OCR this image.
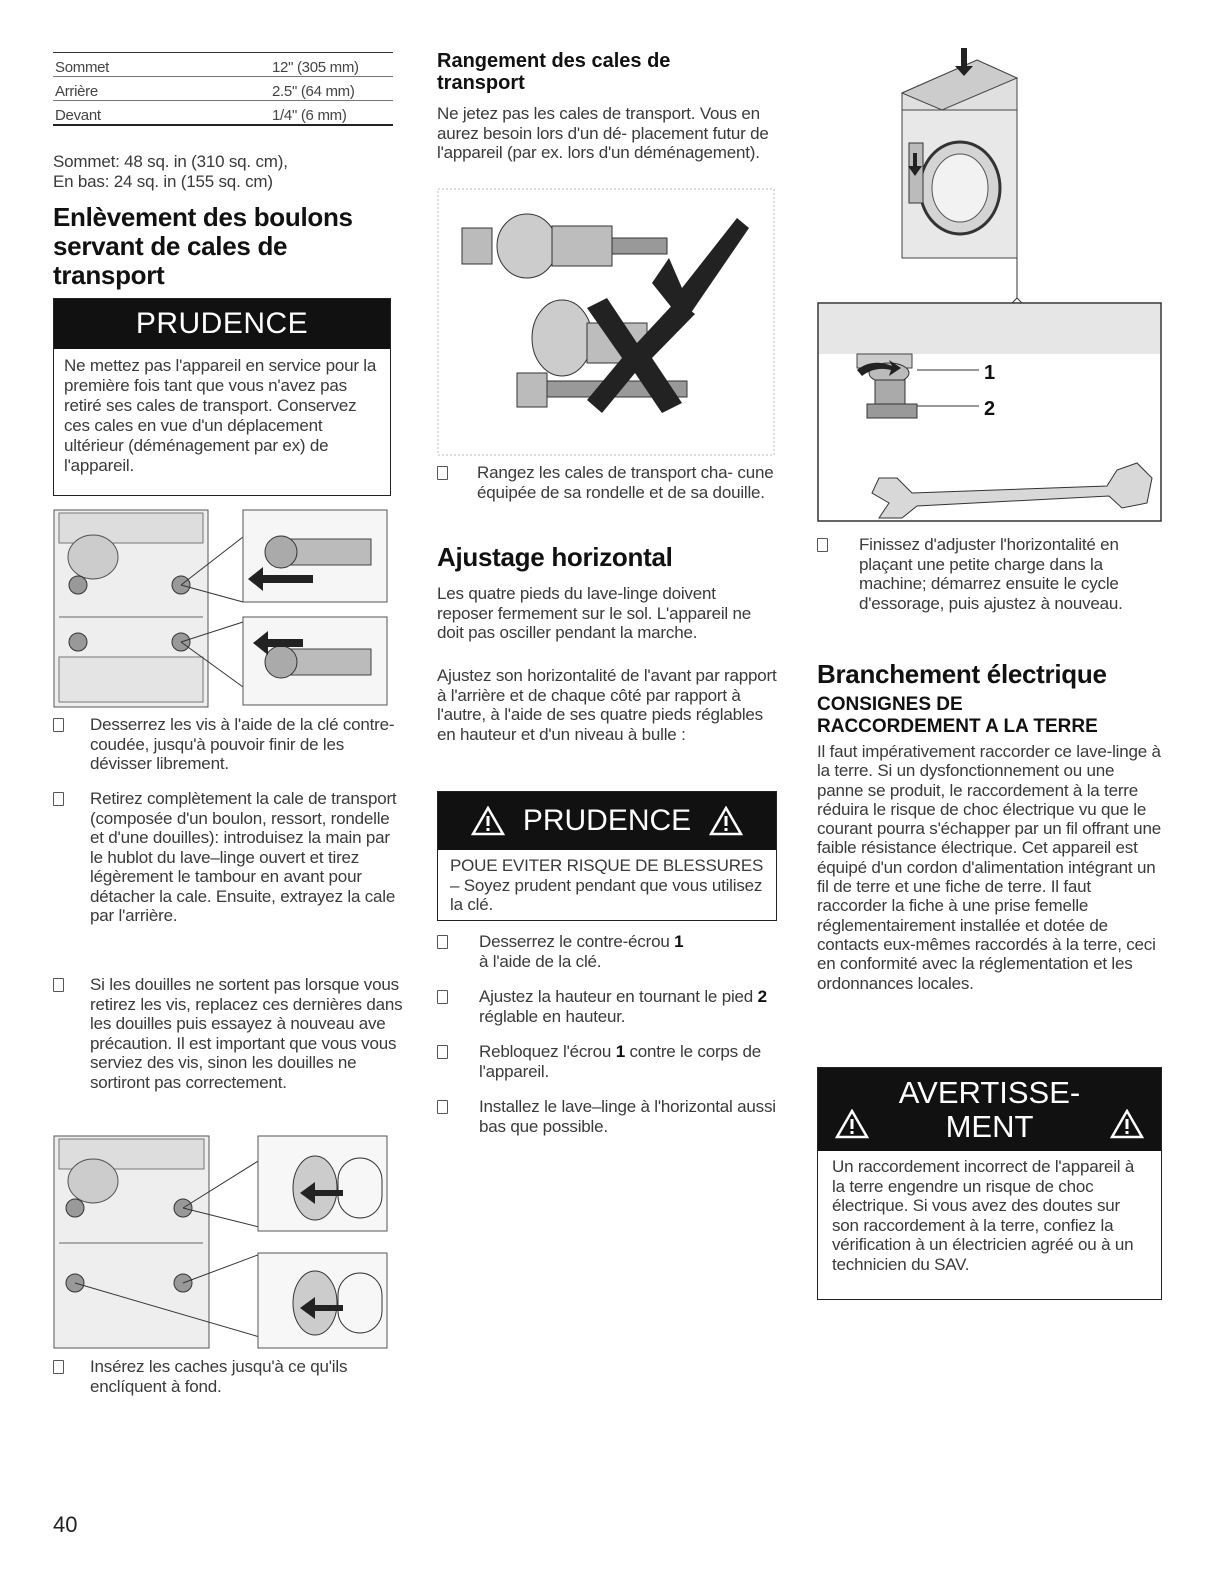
Sommet	12" (305 mm)
Arrière	2.5" (64 mm)
Devant	1/4" (6 mm)
Sommet: 48 sq. in (310 sq. cm),
En bas: 24 sq. in (155 sq. cm)
Enlèvement des boulons servant de cales de transport
PRUDENCE
Ne mettez pas l'appareil en service pour la première fois tant que vous n'avez pas retiré ses cales de transport. Conservez ces cales en vue d'un déplacement ultérieur (déménagement par ex) de l'appareil.
Desserrez les vis à l'aide de la clé contre-coudée, jusqu'à pouvoir finir de les dévisser librement.
Retirez complètement la cale de transport (composée d'un boulon, ressort, rondelle et d'une douilles): introduisez la main par le hublot du lave–linge ouvert et tirez légèrement le tambour en avant pour détacher la cale. Ensuite, extrayez la cale par l'arrière.
Si les douilles ne sortent pas lorsque vous retirez les vis, replacez ces dernières dans les douilles puis essayez à nouveau ave précaution. Il est important que vous vous serviez des vis, sinon les douilles ne sortiront pas correctement.
Insérez les caches jusqu'à ce qu'ils enclíquent à fond.
Rangement des cales de transport
Ne jetez pas les cales de transport. Vous en aurez besoin lors d'un dé- placement futur de l'appareil (par ex. lors d'un déménagement).
Rangez les cales de transport cha- cune équipée de sa rondelle et de sa douille.
Ajustage horizontal
Les quatre pieds du lave-linge doivent reposer fermement sur le sol. L'appareil ne doit pas osciller pendant la marche.
Ajustez son horizontalité de l'avant par rapport à l'arrière et de chaque côté par rapport à l'autre, à l'aide de ses quatre pieds réglables en hauteur et d'un niveau à bulle :
PRUDENCE
POUE EVITER RISQUE DE BLESSURES – Soyez prudent pendant que vous utilisez la clé.
Desserrez le contre-écrou 1
à l'aide de la clé.
Ajustez la hauteur en tournant le pied 2 réglable en hauteur.
Rebloquez l'écrou 1 contre le corps de l'appareil.
Installez le lave–linge à l'horizontal aussi bas que possible.
1
2
Finissez d'adjuster l'horizontalité en plaçant une petite charge dans la machine; démarrez ensuite le cycle d'essorage, puis ajustez à nouveau.
Branchement électrique
CONSIGNES DE
RACCORDEMENT A LA TERRE
Il faut impérativement raccorder ce lave-linge à la terre. Si un dysfonctionnement ou une panne se produit, le raccordement à la terre réduira le risque de choc électrique vu que le courant pourra s'échapper par un fil offrant une faible résistance électrique. Cet appareil est équipé d'un cordon d'alimentation intégrant un fil de terre et une fiche de terre. Il faut raccorder la fiche à une prise femelle réglementairement installée et dotée de contacts eux-mêmes raccordés à la terre, ceci en conformité avec la réglementation et les ordonnances locales.
AVERTISSE-
MENT
Un raccordement incorrect de l'appareil à la terre engendre un risque de choc électrique. Si vous avez des doutes sur son raccordement à la terre, confiez la vérification à un électricien agréé ou à un technicien du SAV.
40
